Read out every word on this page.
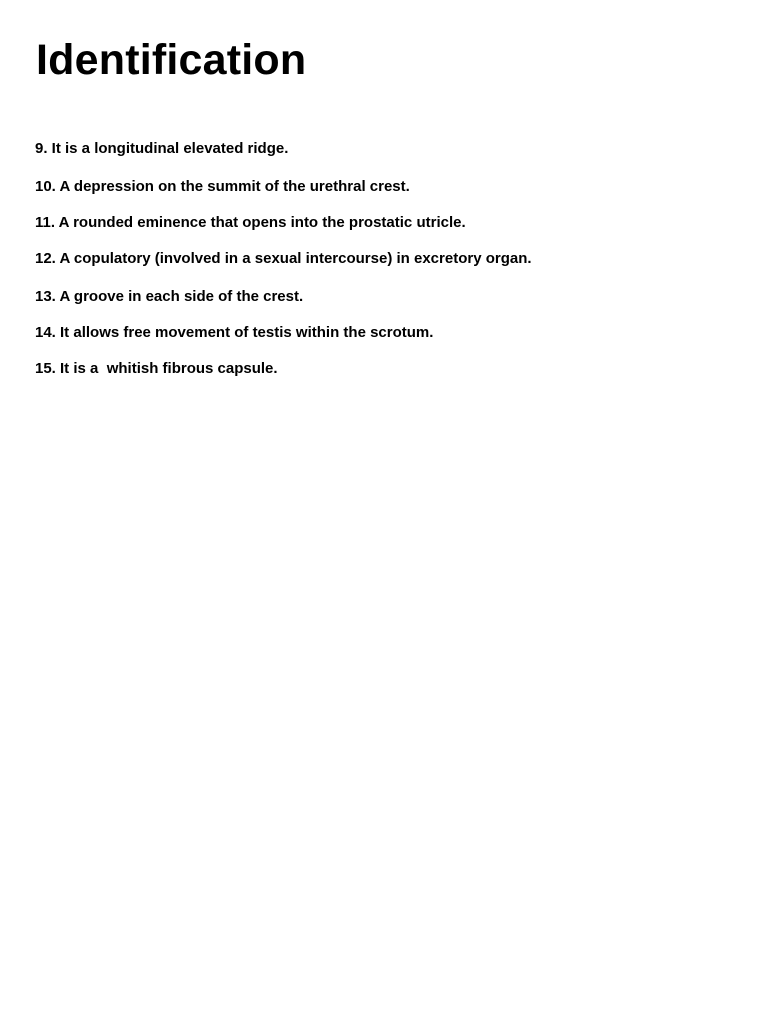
Identification

9. It is a longitudinal elevated ridge.

10. A depression on the summit of the urethral crest.

11. A rounded eminence that opens into the prostatic utricle.

12. A copulatory (involved in a sexual intercourse) in excretory organ.

13. A groove in each side of the crest.

14. It allows free movement of testis within the scrotum.

15. It is a  whitish fibrous capsule.
